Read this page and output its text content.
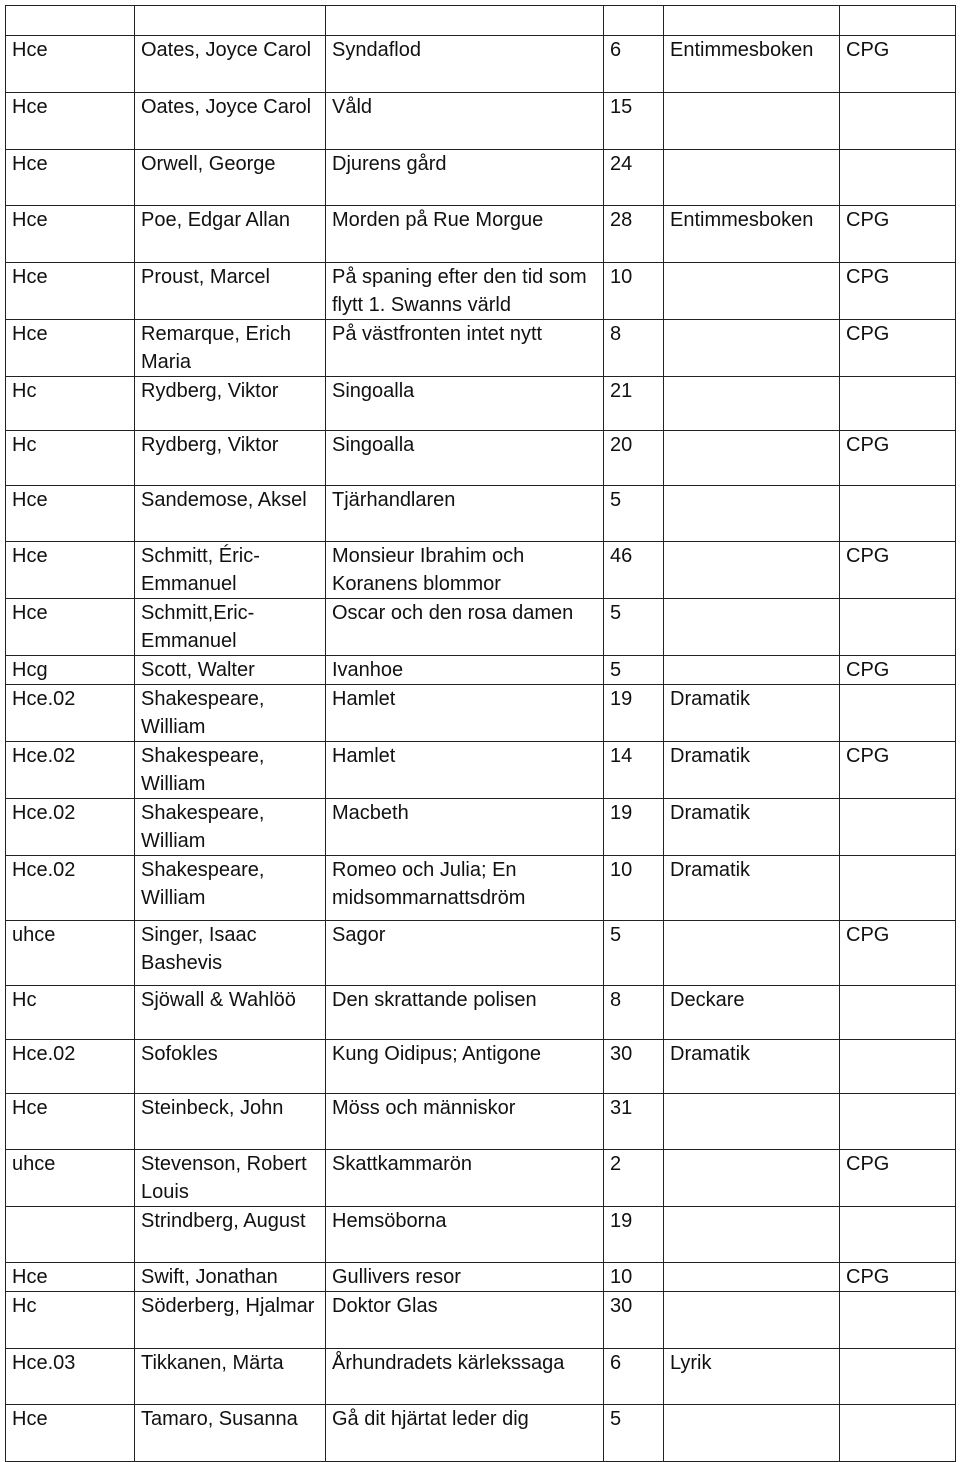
Hce	Oates, Joyce Carol	Syndaflod	6	Entimmesboken	CPG
Hce	Oates, Joyce Carol	Våld	15		
Hce	Orwell, George	Djurens gård	24		
Hce	Poe, Edgar Allan	Morden på Rue Morgue	28	Entimmesboken	CPG
Hce	Proust, Marcel	På spaning efter den tid som flytt 1. Swanns värld	10		CPG
Hce	Remarque, Erich Maria	På västfronten intet nytt	8		CPG
Hc	Rydberg, Viktor	Singoalla	21		
Hc	Rydberg, Viktor	Singoalla	20		CPG
Hce	Sandemose, Aksel	Tjärhandlaren	5		
Hce	Schmitt, Éric-Emmanuel	Monsieur Ibrahim och Koranens blommor	46		CPG
Hce	Schmitt,Eric-Emmanuel	Oscar och den rosa damen	5		
Hcg	Scott, Walter	Ivanhoe	5		CPG
Hce.02	Shakespeare, William	Hamlet	19	Dramatik	
Hce.02	Shakespeare, William	Hamlet	14	Dramatik	CPG
Hce.02	Shakespeare, William	Macbeth	19	Dramatik	
Hce.02	Shakespeare, William	Romeo och Julia; En midsommarnattsdröm	10	Dramatik	
uhce	Singer, Isaac Bashevis	Sagor	5		CPG
Hc	Sjöwall & Wahlöö	Den skrattande polisen	8	Deckare	
Hce.02	Sofokles	Kung Oidipus; Antigone	30	Dramatik	
Hce	Steinbeck, John	Möss och människor	31		
uhce	Stevenson, Robert Louis	Skattkammarön	2		CPG
	Strindberg, August	Hemsöborna	19		
Hce	Swift, Jonathan	Gullivers resor	10		CPG
Hc	Söderberg, Hjalmar	Doktor Glas	30		
Hce.03	Tikkanen, Märta	Århundradets kärlekssaga	6	Lyrik	
Hce	Tamaro, Susanna	Gå dit hjärtat leder dig	5		
